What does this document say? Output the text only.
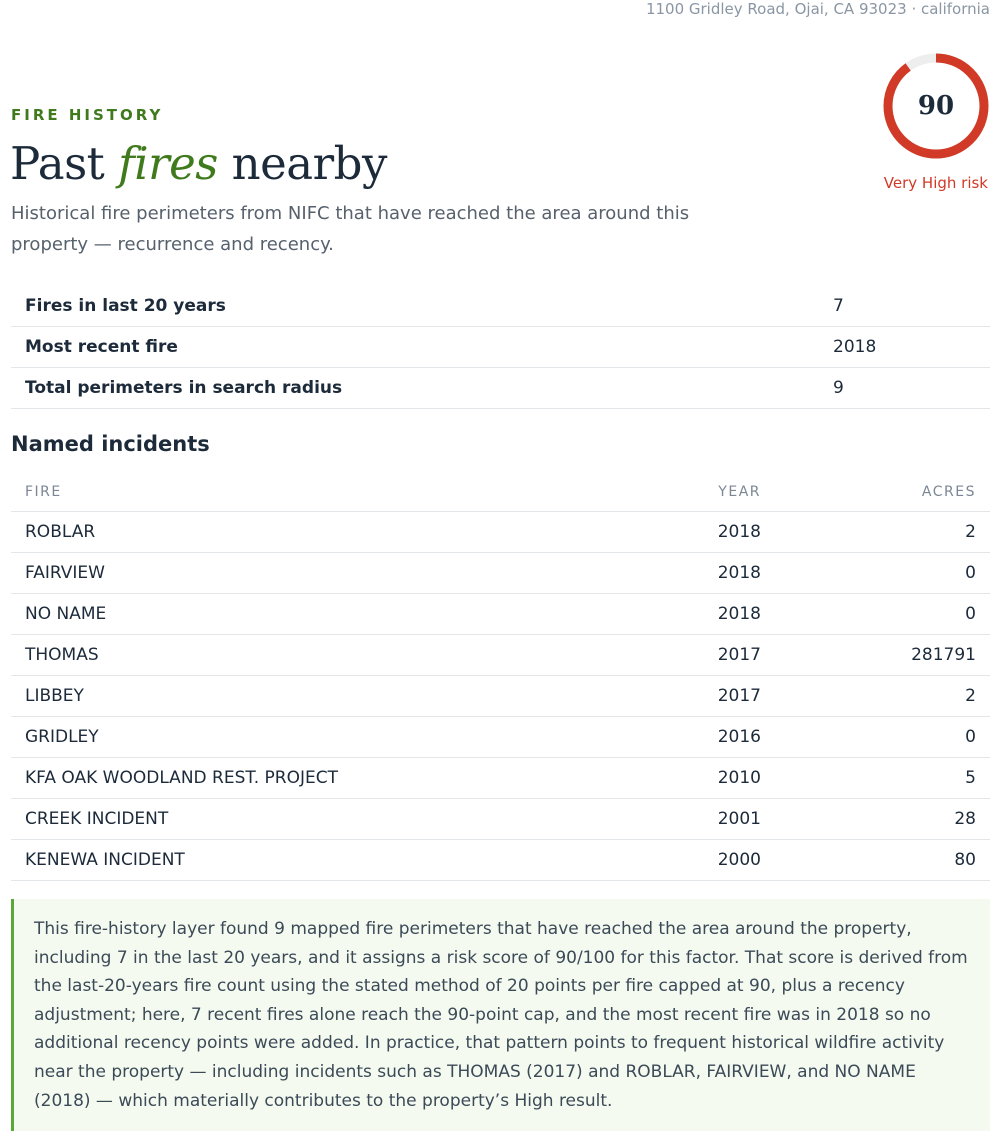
1100 Gridley Road, Ojai, CA 93023 · california
FIRE HISTORY
Past fires nearby
Historical fire perimeters from NIFC that have reached the area around this property — recurrence and recency.
90
Very High risk
Fires in last 20 years	7
Most recent fire	2018
Total perimeters in search radius	9
Named incidents
FIRE	YEAR	ACRES
ROBLAR	2018	2
FAIRVIEW	2018	0
NO NAME	2018	0
THOMAS	2017	281791
LIBBEY	2017	2
GRIDLEY	2016	0
KFA OAK WOODLAND REST. PROJECT	2010	5
CREEK INCIDENT	2001	28
KENEWA INCIDENT	2000	80
This fire-history layer found 9 mapped fire perimeters that have reached the area around the property, including 7 in the last 20 years, and it assigns a risk score of 90/100 for this factor. That score is derived from the last-20-years fire count using the stated method of 20 points per fire capped at 90, plus a recency adjustment; here, 7 recent fires alone reach the 90-point cap, and the most recent fire was in 2018 so no additional recency points were added. In practice, that pattern points to frequent historical wildfire activity near the property — including incidents such as THOMAS (2017) and ROBLAR, FAIRVIEW, and NO NAME (2018) — which materially contributes to the property’s High result.
